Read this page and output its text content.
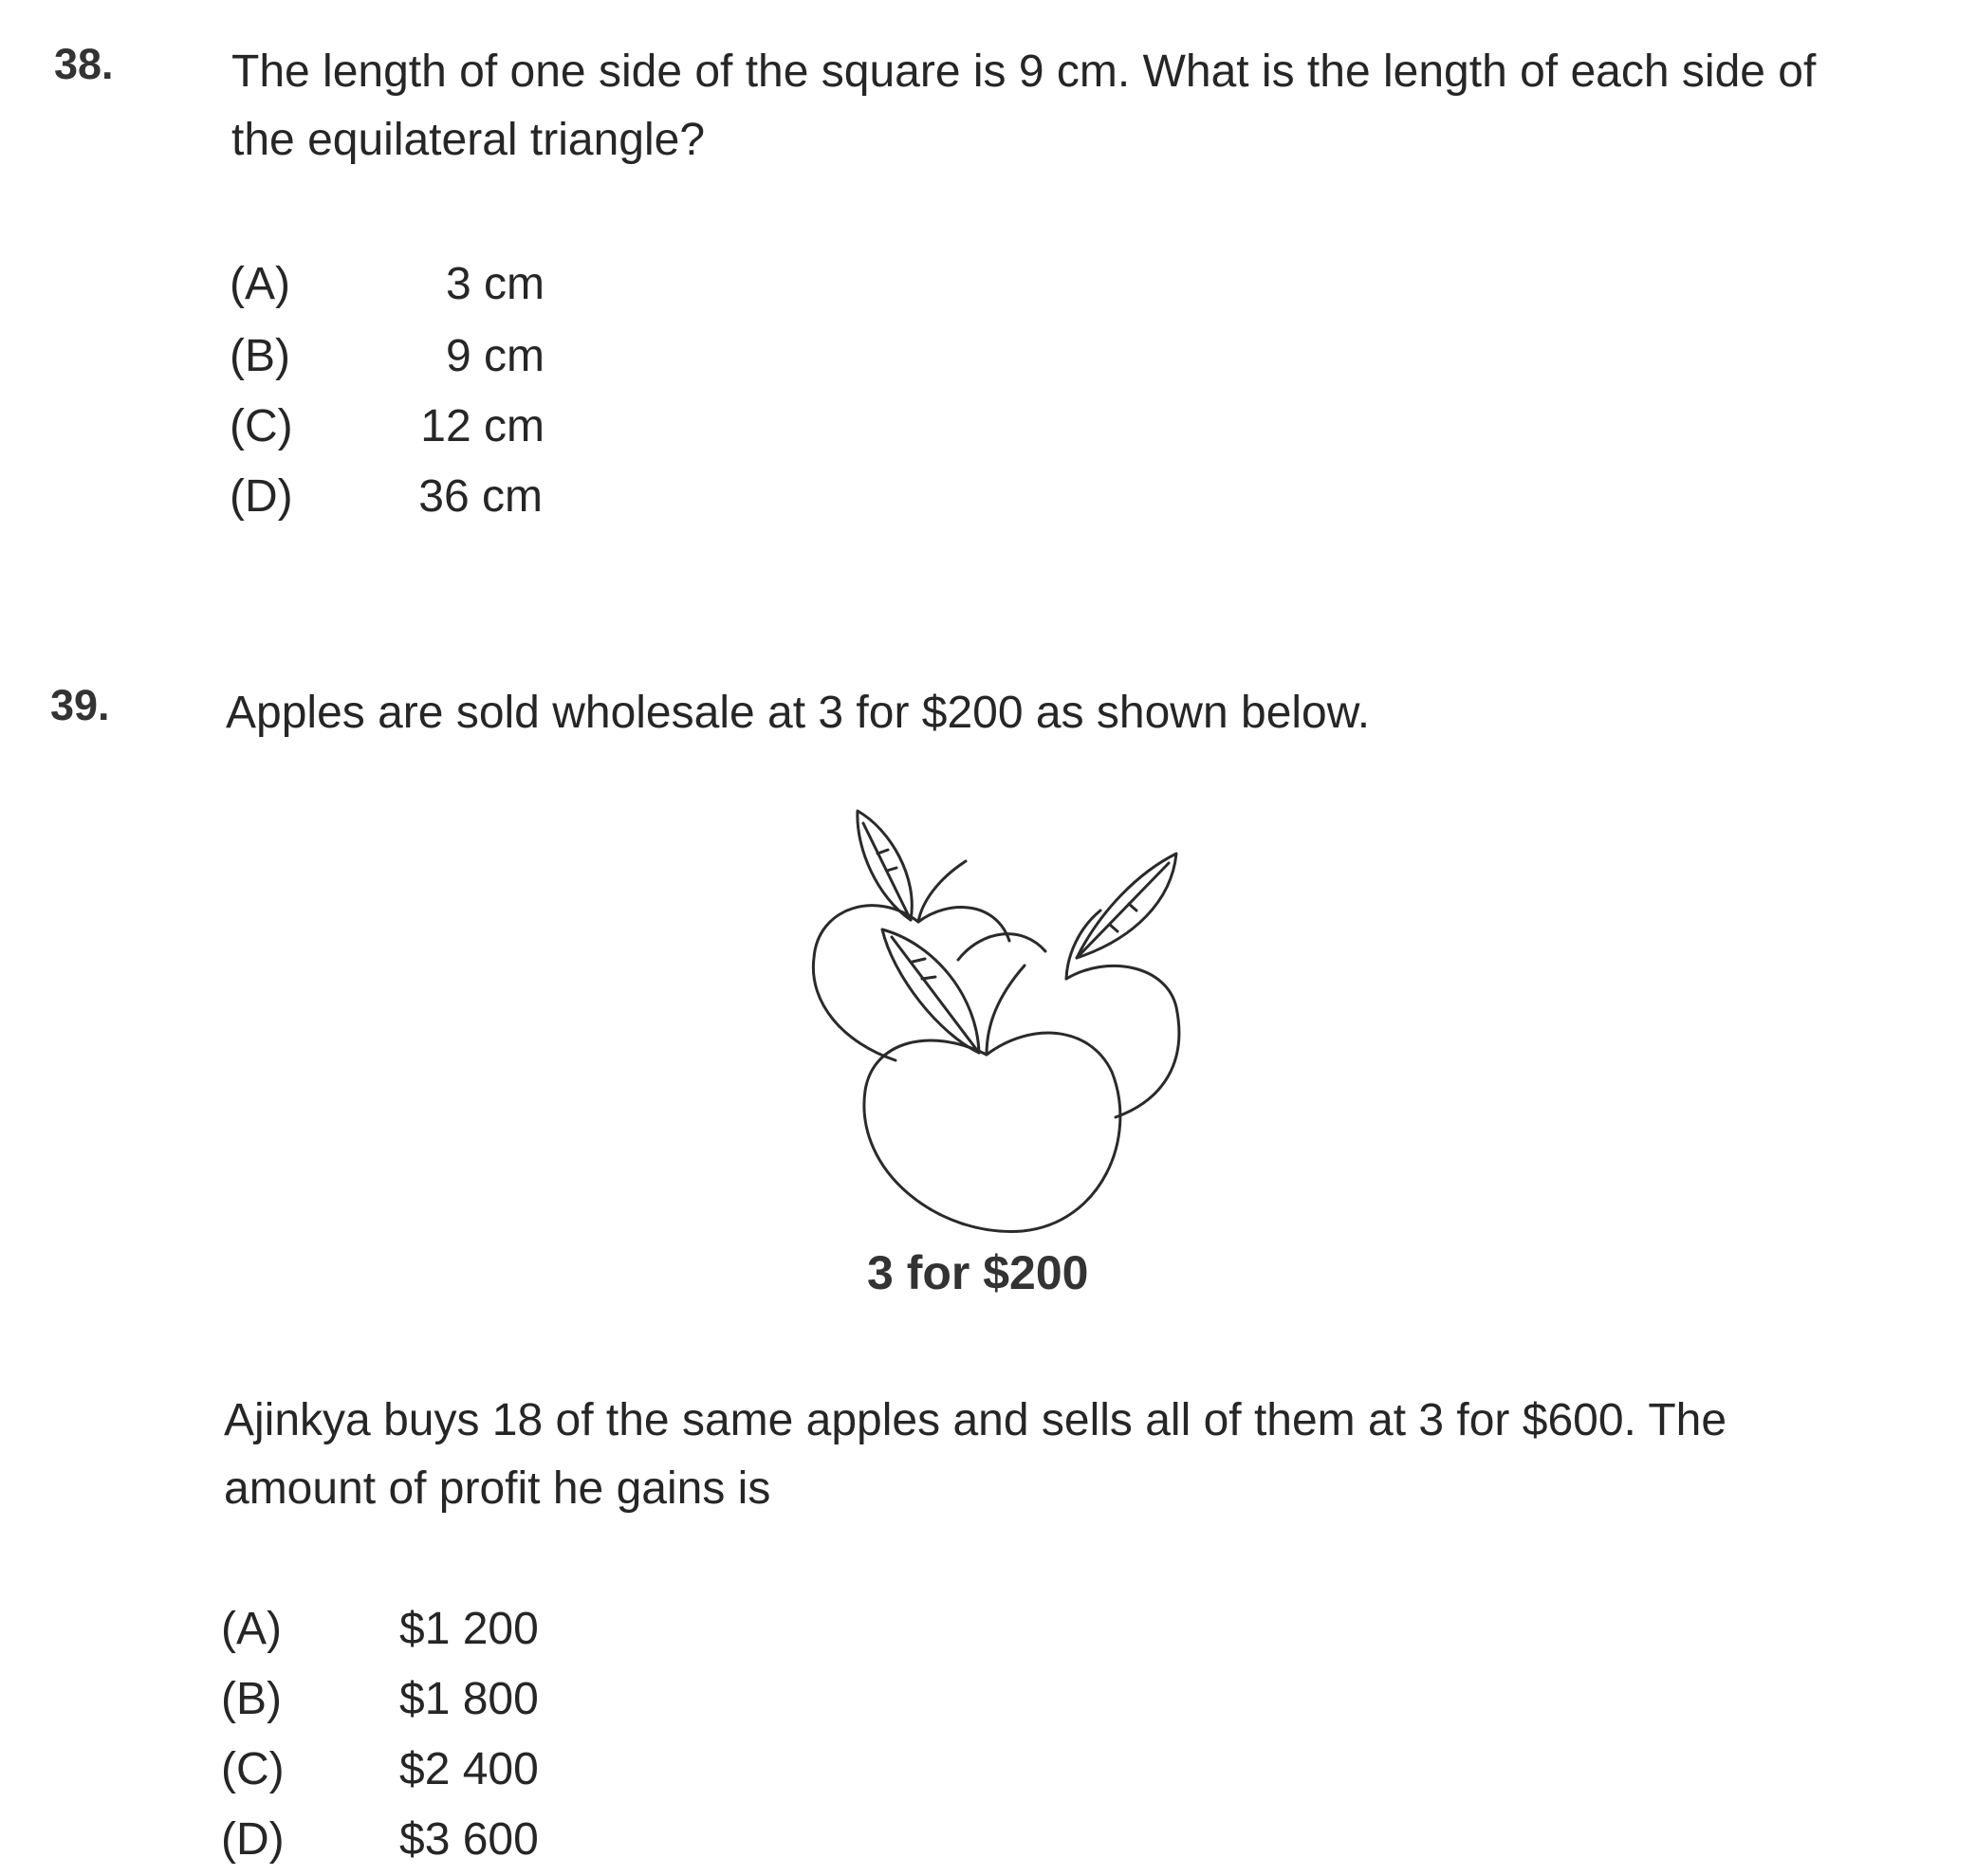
38.	The length of one side of the square is 9 cm. What is the length of each side of
the equilateral triangle?
(A)	3 cm
(B)	9 cm
(C)	12 cm
(D)	36 cm
39.	Apples are sold wholesale at 3 for $200 as shown below.
3 for $200
Ajinkya buys 18 of the same apples and sells all of them at 3 for $600. The
amount of profit he gains is
(A)	$1 200
(B)	$1 800
(C)	$2 400
(D)	$3 600
